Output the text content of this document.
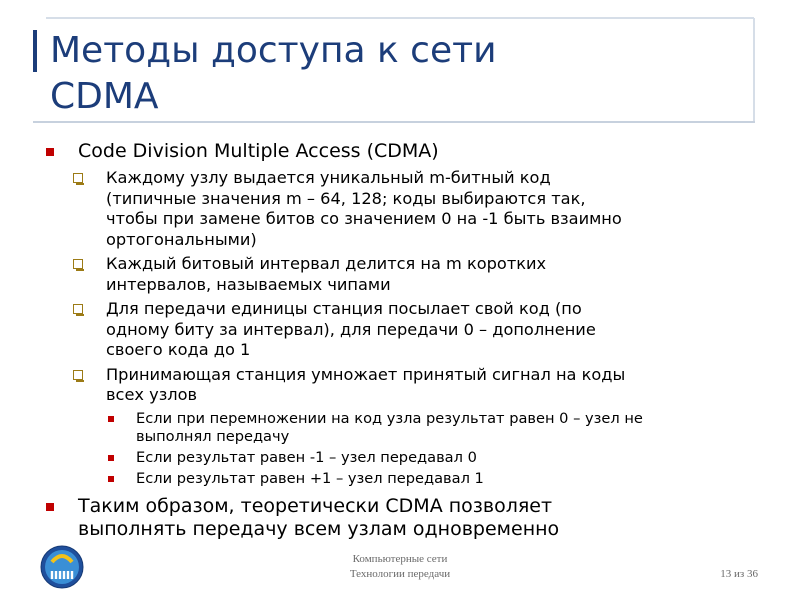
Методы доступа к сети
CDMA
Code Division Multiple Access (CDMA)
Каждому узлу выдается уникальный m-битный код
(типичные значения m – 64, 128; коды выбираются так,
чтобы при замене битов со значением 0 на -1 быть взаимно
ортогональными)
Каждый битовый интервал делится на m коротких
интервалов, называемых чипами
Для передачи единицы станция посылает свой код (по
одному биту за интервал), для передачи 0 – дополнение
своего кода до 1
Принимающая станция умножает принятый сигнал на коды
всех узлов
Если при перемножении на код узла результат равен 0 – узел не
выполнял передачу
Если результат равен -1 – узел передавал 0
Если результат равен +1 – узел передавал 1
Таким образом, теоретически CDMA позволяет
выполнять передачу всем узлам одновременно
Компьютерные сети
Технологии передачи	13 из 36
